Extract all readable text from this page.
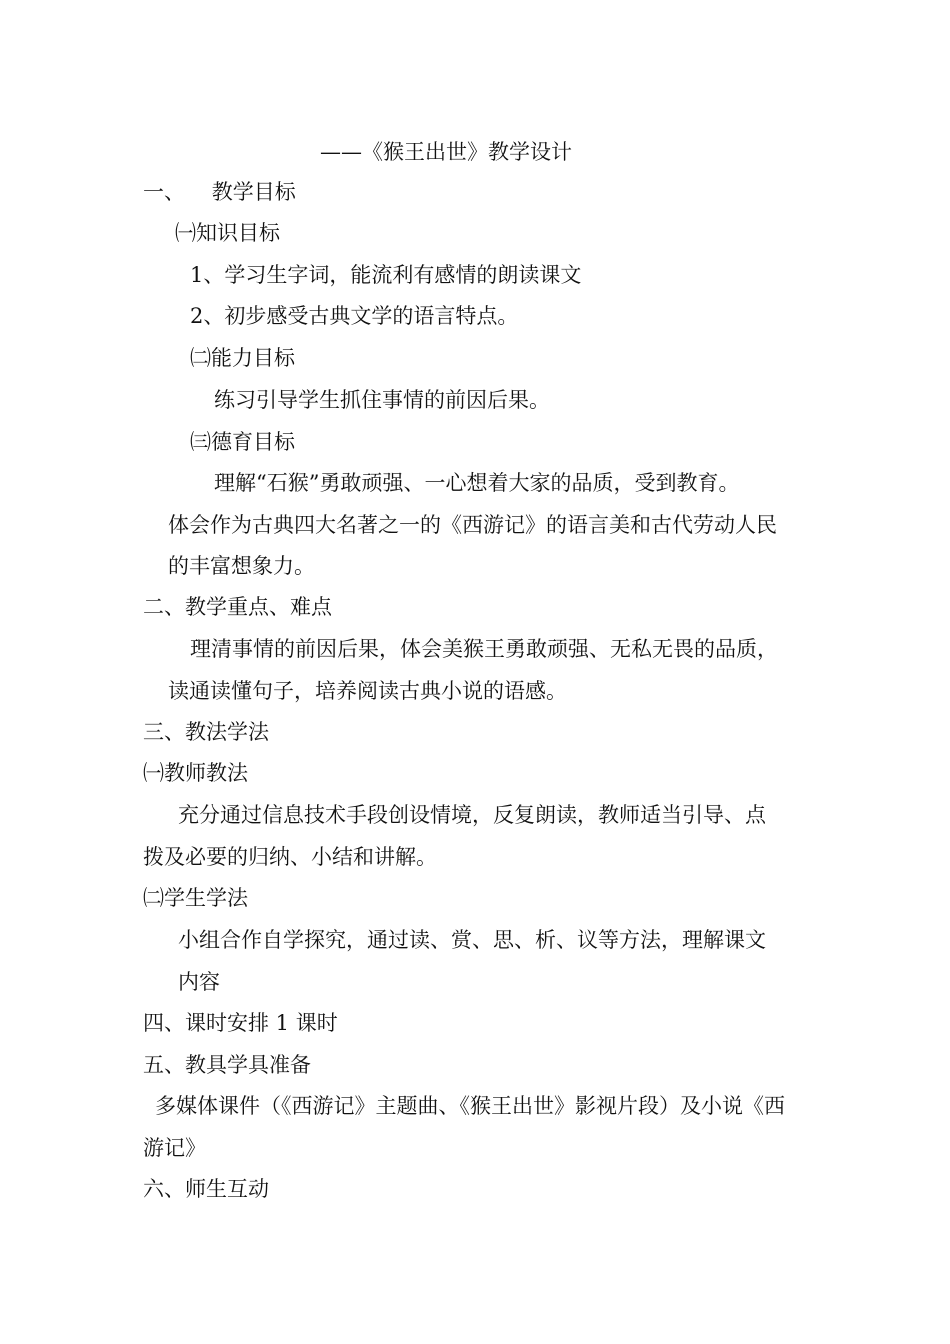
——《猴王出世》教学设计

一、    教学目标

㈠知识目标

1、学习生字词，能流利有感情的朗读课文

2、初步感受古典文学的语言特点。

㈡能力目标

练习引导学生抓住事情的前因后果。

㈢德育目标

理解“石猴”勇敢顽强、一心想着大家的品质，受到教育。

体会作为古典四大名著之一的《西游记》的语言美和古代劳动人民

的丰富想象力。

二、教学重点、难点

理清事情的前因后果，体会美猴王勇敢顽强、无私无畏的品质，

读通读懂句子，培养阅读古典小说的语感。

三、教法学法

㈠教师教法

充分通过信息技术手段创设情境，反复朗读，教师适当引导、点

拨及必要的归纳、小结和讲解。

㈡学生学法

小组合作自学探究，通过读、赏、思、析、议等方法，理解课文

内容

四、课时安排 1 课时

五、教具学具准备

多媒体课件（《西游记》主题曲、《猴王出世》影视片段）及小说《西

游记》

六、师生互动
